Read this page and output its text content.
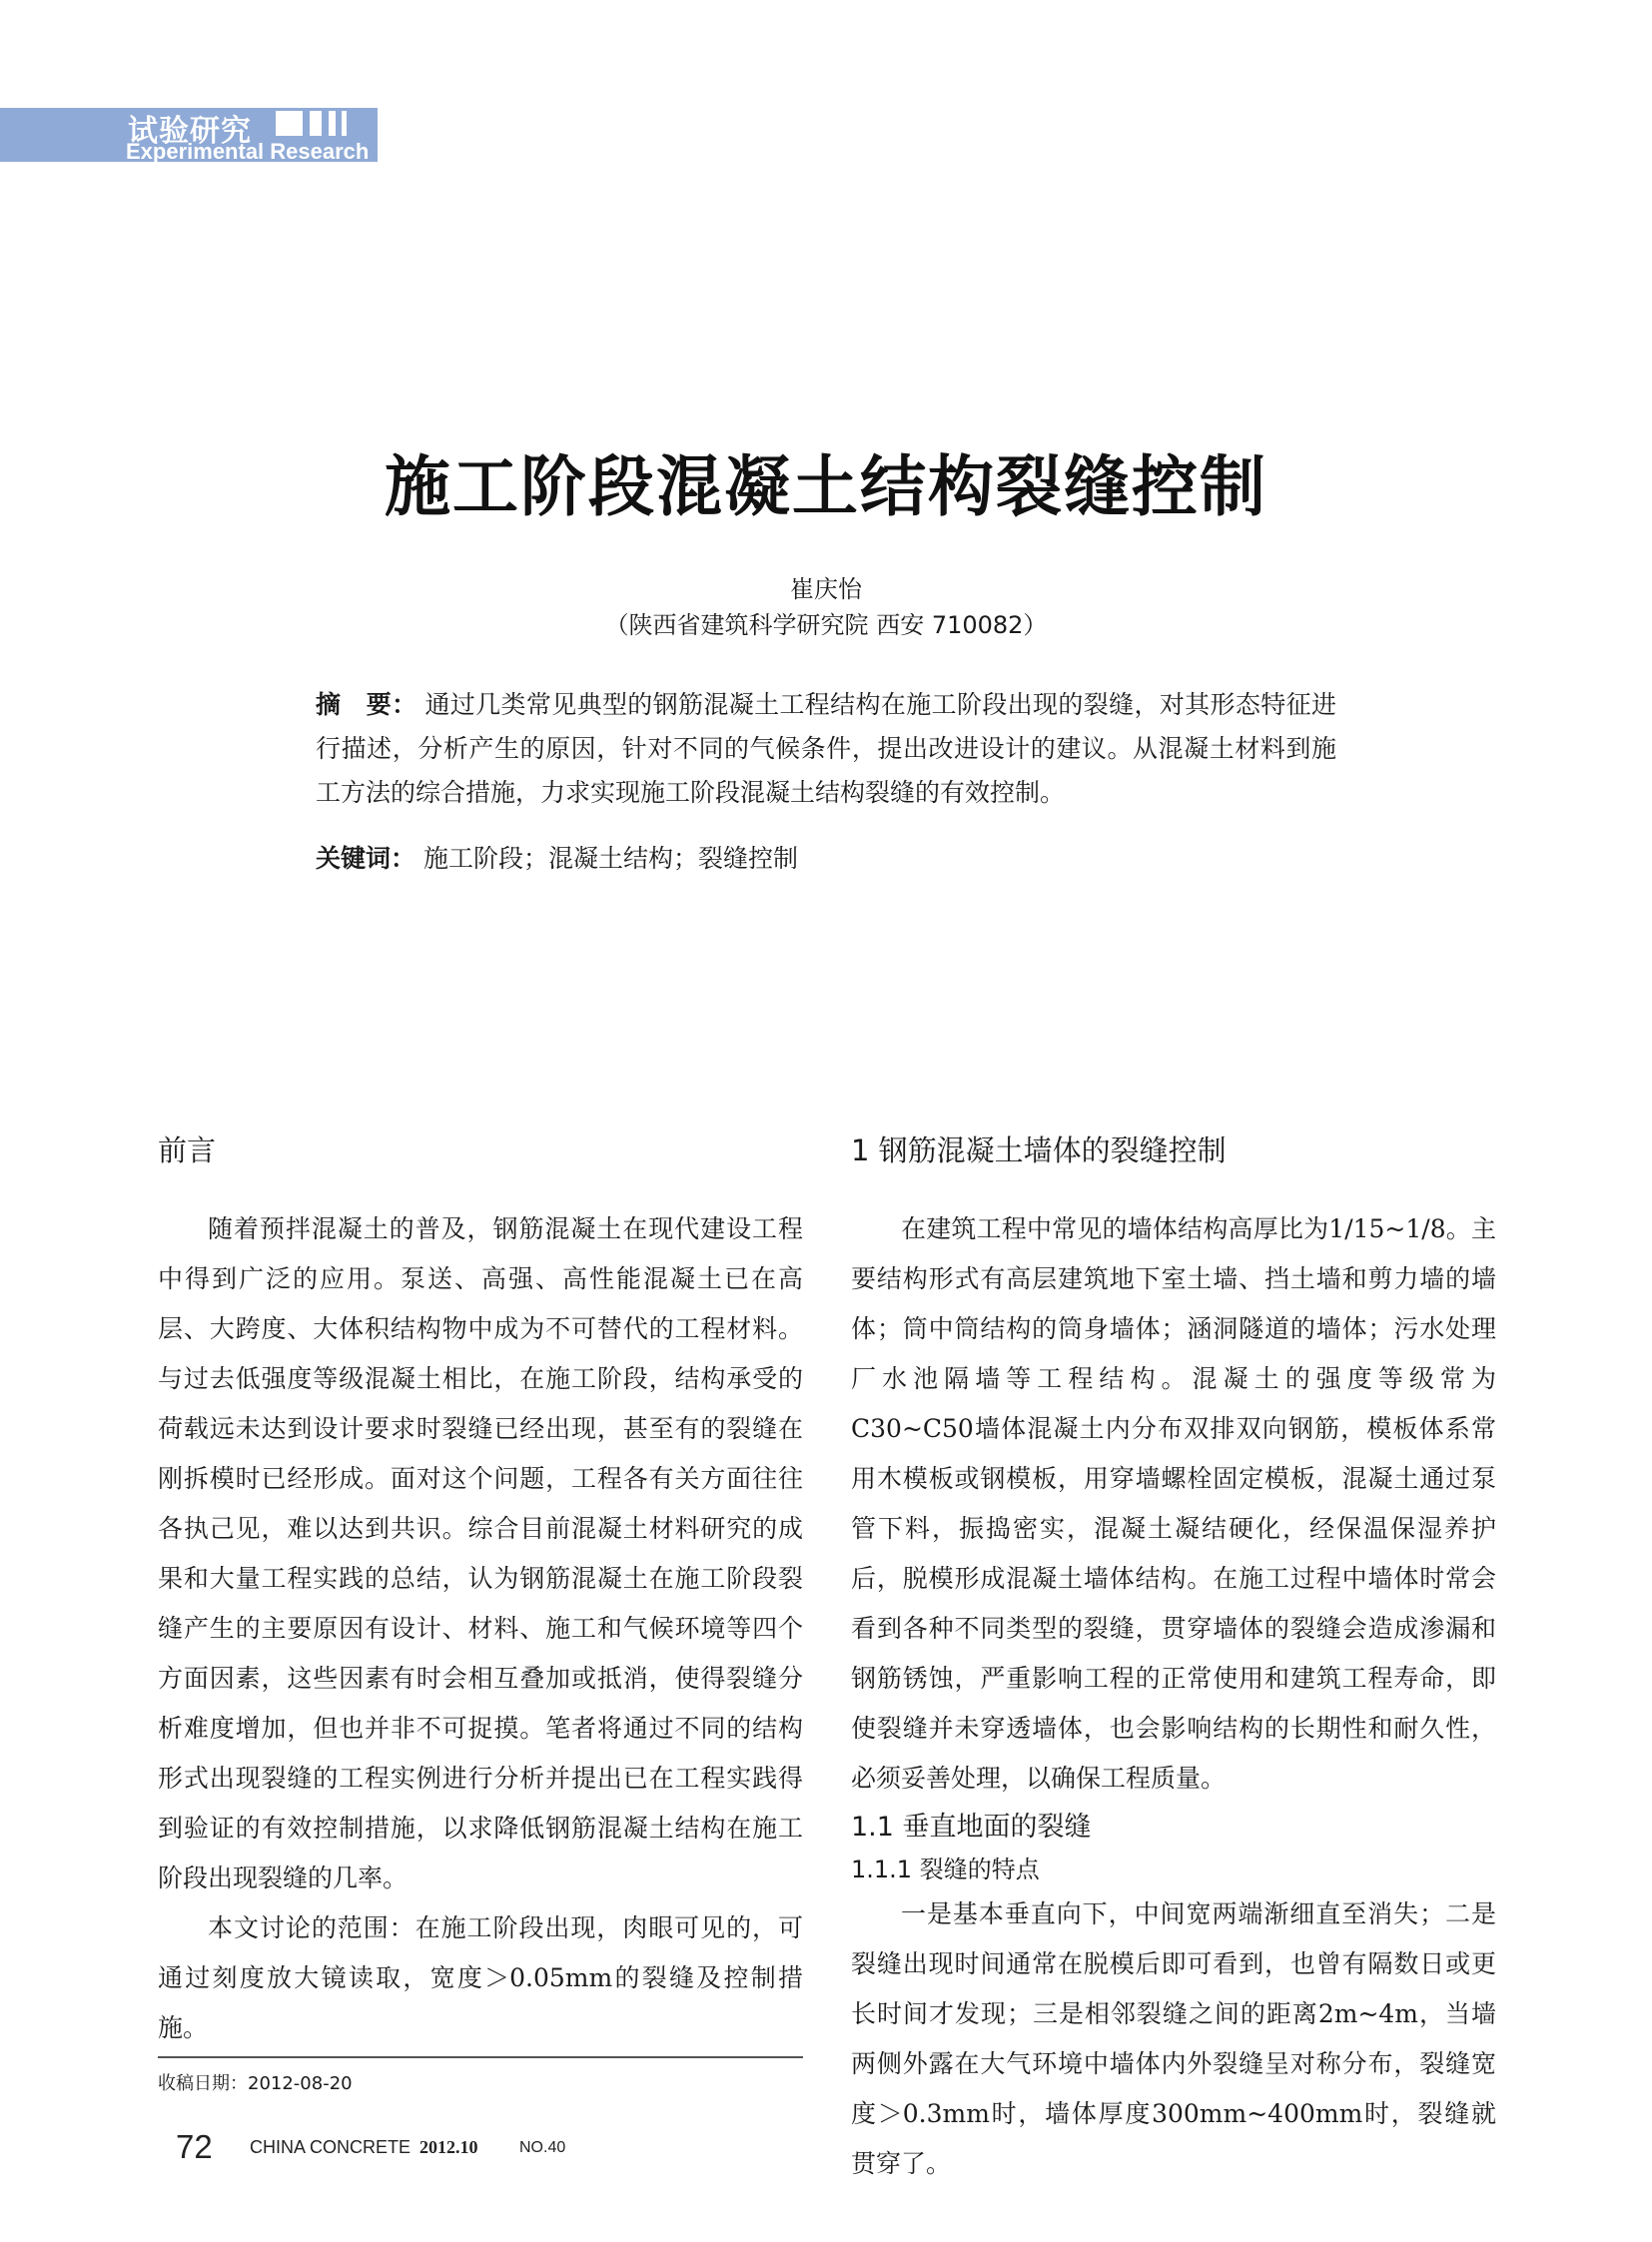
试验研究
Experimental Research
施工阶段混凝土结构裂缝控制
崔庆怡
（陕西省建筑科学研究院 西安 710082）
摘　要： 通过几类常见典型的钢筋混凝土工程结构在施工阶段出现的裂缝，对其形态特征进行描述，分析产生的原因，针对不同的气候条件，提出改进设计的建议。从混凝土材料到施工方法的综合措施，力求实现施工阶段混凝土结构裂缝的有效控制。
关键词： 施工阶段；混凝土结构；裂缝控制
前言

随着预拌混凝土的普及，钢筋混凝土在现代建设工程中得到广泛的应用。泵送、高强、高性能混凝土已在高层、大跨度、大体积结构物中成为不可替代的工程材料。与过去低强度等级混凝土相比，在施工阶段，结构承受的荷载远未达到设计要求时裂缝已经出现，甚至有的裂缝在刚拆模时已经形成。面对这个问题，工程各有关方面往往各执己见，难以达到共识。综合目前混凝土材料研究的成果和大量工程实践的总结，认为钢筋混凝土在施工阶段裂缝产生的主要原因有设计、材料、施工和气候环境等四个方面因素，这些因素有时会相互叠加或抵消，使得裂缝分析难度增加，但也并非不可捉摸。笔者将通过不同的结构形式出现裂缝的工程实例进行分析并提出已在工程实践得到验证的有效控制措施，以求降低钢筋混凝土结构在施工阶段出现裂缝的几率。

本文讨论的范围：在施工阶段出现，肉眼可见的，可通过刻度放大镜读取，宽度＞0.05mm的裂缝及控制措施。

1 钢筋混凝土墙体的裂缝控制

在建筑工程中常见的墙体结构高厚比为1/15~1/8。主要结构形式有高层建筑地下室土墙、挡土墙和剪力墙的墙体；筒中筒结构的筒身墙体；涵洞隧道的墙体；污水处理厂水池隔墙等工程结构。混凝土的强度等级常为C30~C50墙体混凝土内分布双排双向钢筋，模板体系常用木模板或钢模板，用穿墙螺栓固定模板，混凝土通过泵管下料，振捣密实，混凝土凝结硬化，经保温保湿养护后，脱模形成混凝土墙体结构。在施工过程中墙体时常会看到各种不同类型的裂缝，贯穿墙体的裂缝会造成渗漏和钢筋锈蚀，严重影响工程的正常使用和建筑工程寿命，即使裂缝并未穿透墙体，也会影响结构的长期性和耐久性，必须妥善处理，以确保工程质量。

1.1 垂直地面的裂缝
1.1.1 裂缝的特点

一是基本垂直向下，中间宽两端渐细直至消失；二是裂缝出现时间通常在脱模后即可看到，也曾有隔数日或更长时间才发现；三是相邻裂缝之间的距离2m~4m，当墙两侧外露在大气环境中墙体内外裂缝呈对称分布，裂缝宽度＞0.3mm时，墙体厚度300mm~400mm时，裂缝就贯穿了。

收稿日期：2012-08-20
72 CHINA CONCRETE 2012.10	NO.40
